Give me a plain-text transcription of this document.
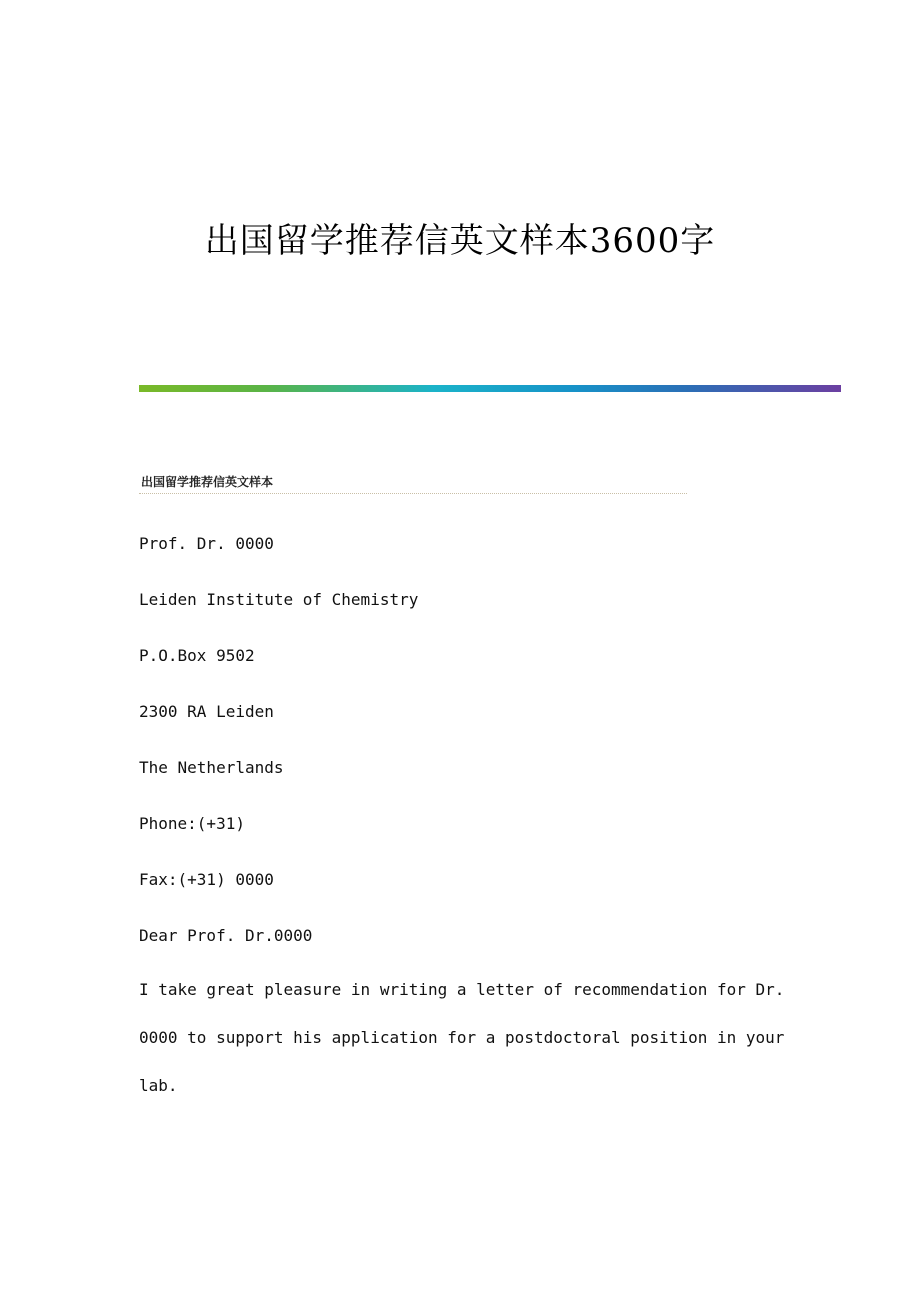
出国留学推荐信英文样本3600字
出国留学推荐信英文样本
Prof. Dr. 0000
Leiden Institute of Chemistry
P.O.Box 9502
2300 RA Leiden
The Netherlands
Phone:(+31)
Fax:(+31) 0000
Dear Prof. Dr.0000
I take great pleasure in writing a letter of recommendation for Dr.
0000 to support his application for a postdoctoral position in your
lab.
